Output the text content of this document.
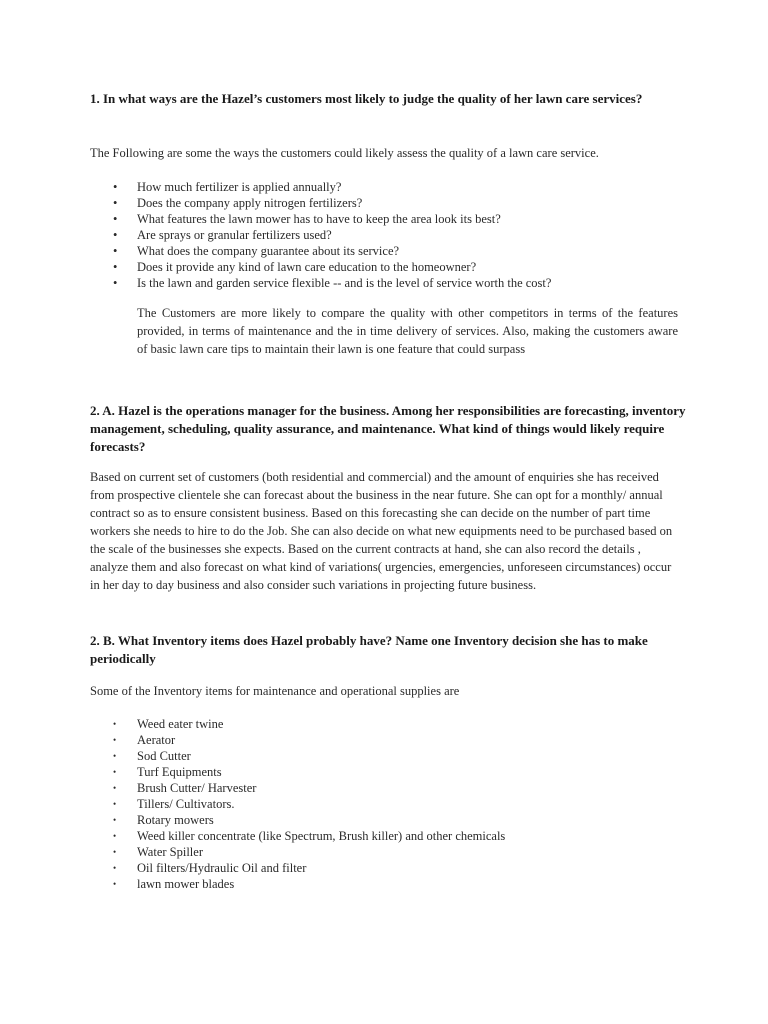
1. In what ways are the Hazel’s customers most likely to judge the quality of her lawn care services?
The Following are some the ways the customers could likely assess the quality of a lawn care service.
• How much fertilizer is applied annually?
• Does the company apply nitrogen fertilizers?
• What features the lawn mower has to have to keep the area look its best?
• Are sprays or granular fertilizers used?
• What does the company guarantee about its service?
• Does it provide any kind of lawn care education to the homeowner?
• Is the lawn and garden service flexible -- and is the level of service worth the cost?
The Customers are more likely to compare the quality with other competitors in terms of the features provided, in terms of maintenance and the in time delivery of services. Also, making the customers aware of basic lawn care tips to maintain their lawn is one feature that could surpass
2. A. Hazel is the operations manager for the business. Among her responsibilities are forecasting, inventory management, scheduling, quality assurance, and maintenance. What kind of things would likely require forecasts?
Based on current set of customers (both residential and commercial) and the amount of enquiries she has received from prospective clientele she can forecast about the business in the near future. She can opt for a monthly/ annual contract so as to ensure consistent business. Based on this forecasting she can decide on the number of part time workers she needs to hire to do the Job. She can also decide on what new equipments need to be purchased based on the scale of the businesses she expects. Based on the current contracts at hand, she can also record the details , analyze them and also forecast on what kind of variations( urgencies, emergencies, unforeseen circumstances) occur in her day to day business and also consider such variations in projecting future business.
2. B. What Inventory items does Hazel probably have? Name one Inventory decision she has to make periodically
Some of the Inventory items for maintenance and operational supplies are
• Weed eater twine
• Aerator
• Sod Cutter
• Turf Equipments
• Brush Cutter/ Harvester
• Tillers/ Cultivators.
• Rotary mowers
• Weed killer concentrate (like Spectrum, Brush killer) and other chemicals
• Water Spiller
• Oil filters/Hydraulic Oil and filter
• lawn mower blades
